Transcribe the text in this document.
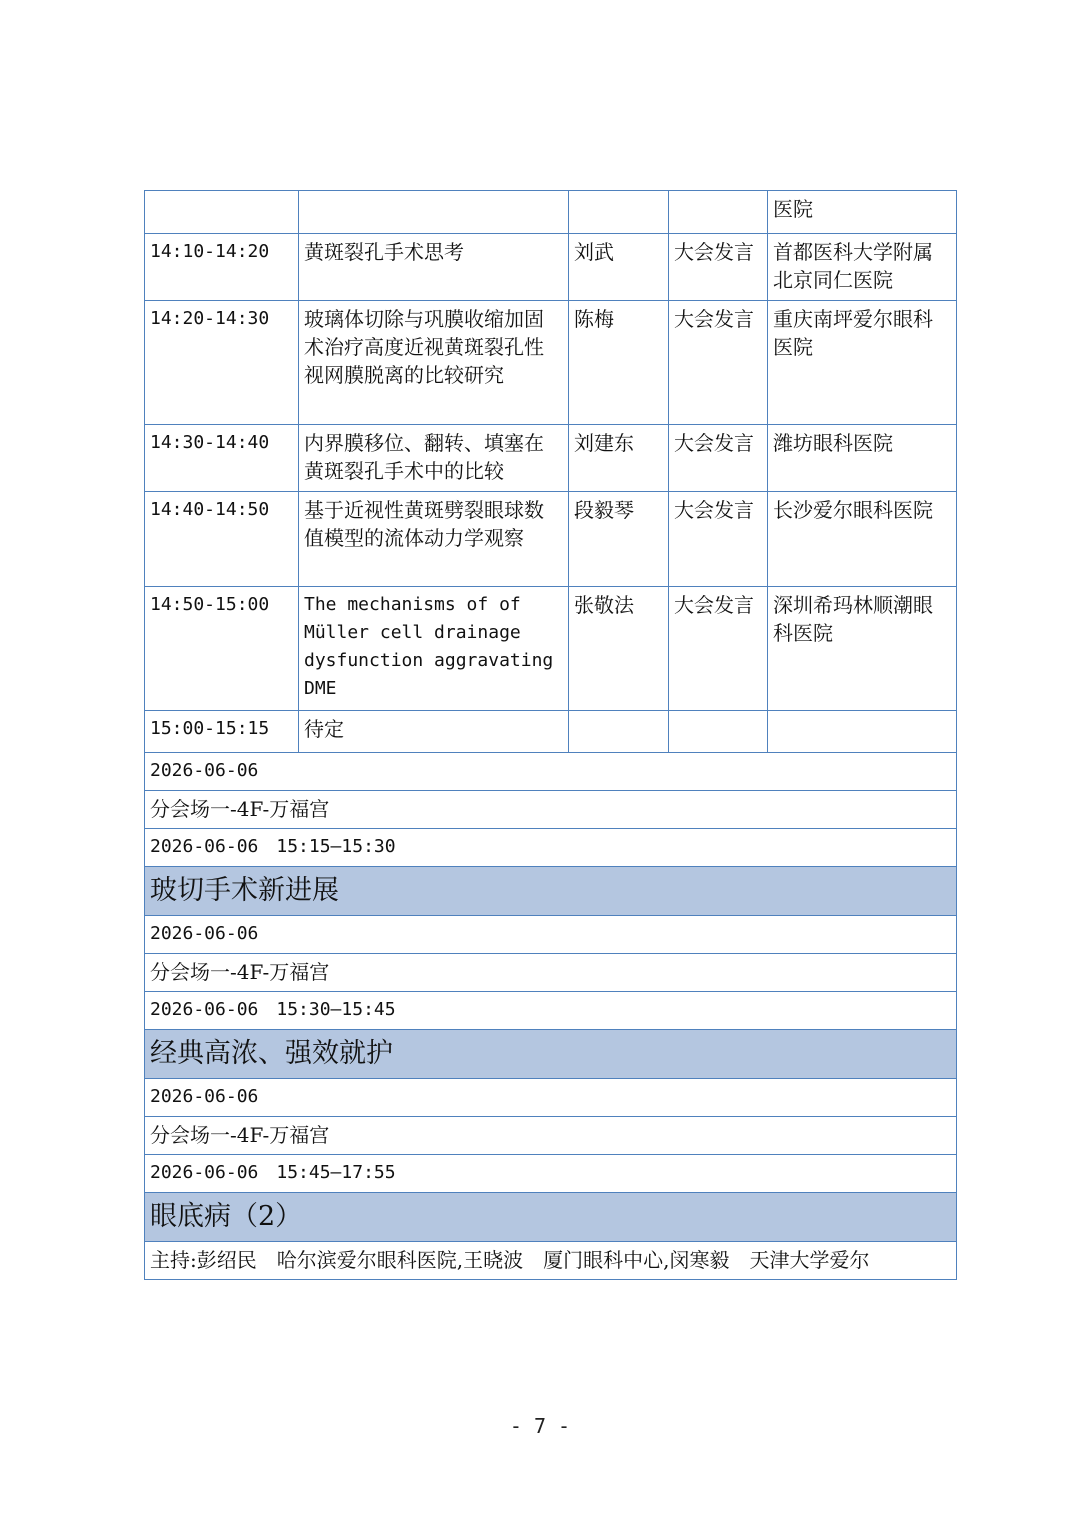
				医院
14:10-14:20	黄斑裂孔手术思考	刘武	大会发言	首都医科大学附属北京同仁医院
14:20-14:30	玻璃体切除与巩膜收缩加固术治疗高度近视黄斑裂孔性视网膜脱离的比较研究	陈梅	大会发言	重庆南坪爱尔眼科医院
14:30-14:40	内界膜移位、翻转、填塞在黄斑裂孔手术中的比较	刘建东	大会发言	潍坊眼科医院
14:40-14:50	基于近视性黄斑劈裂眼球数值模型的流体动力学观察	段毅琴	大会发言	长沙爱尔眼科医院
14:50-15:00	The mechanisms of of Müller cell drainage dysfunction aggravating DME	张敬法	大会发言	深圳希玛林顺潮眼科医院
15:00-15:15	待定			
2026-06-06				
分会场一-4F-万福宫				
2026-06-06　15:15—15:30				
玻切手术新进展				
2026-06-06				
分会场一-4F-万福宫				
2026-06-06　15:30—15:45				
经典高浓、强效就护				
2026-06-06				
分会场一-4F-万福宫				
2026-06-06　15:45—17:55				
眼底病（2）				
主持:彭绍民　哈尔滨爱尔眼科医院,王晓波　厦门眼科中心,闵寒毅　天津大学爱尔				
- 7 -
